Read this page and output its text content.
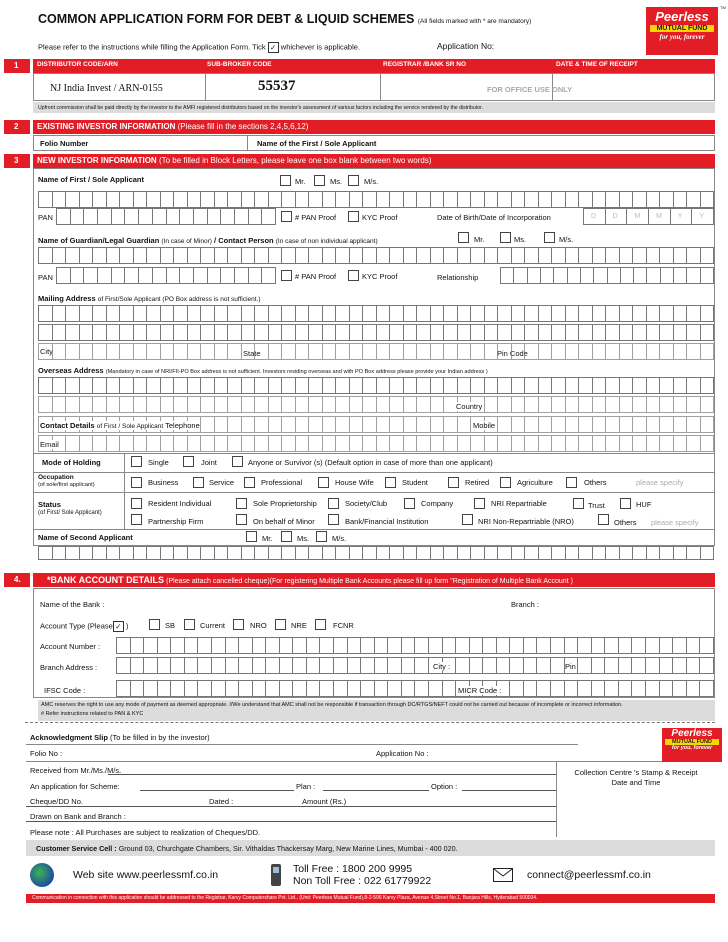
COMMON APPLICATION FORM FOR DEBT & LIQUID SCHEMES (All fields marked with * are mandatory)
Please refer to the instructions while filling the Application Form. Tick ✓ whichever is applicable.	Application No:
Peerless
MUTUAL FUND
for you, forever
TM
1	DISTRIBUTOR CODE/ARN	SUB-BROKER CODE	REGISTRAR /BANK SR NO	DATE & TIME OF RECEIPT
NJ India Invest / ARN-0155	55537	FOR OFFICE USE ONLY
Upfront commission shall be paid directly by the investor to the AMFI registered distributors based on the investor's assessment of various factors including the service rendered by the distributor.
2	EXISTING INVESTOR INFORMATION (Please fill in the sections 2,4,5,6,12)
Folio Number	Name of the First / Sole Applicant
3	NEW INVESTOR INFORMATION (To be filled in Block Letters, please leave one box blank between two words)
Name of First / Sole Applicant	Mr.	Ms.	M/s.
PAN	# PAN Proof	KYC Proof	Date of Birth/Date of Incorporation	D	D	M	M	Y	Y
Name of Guardian/Legal Guardian (In case of Minor) / Contact Person (In case of non individual applicant)	Mr.	Ms.	M/s.
PAN	# PAN Proof	KYC Proof	Relationship
Mailing Address of First/Sole Applicant (PO Box address is not sufficient.)
City	State	Pin Code
Overseas Address (Mandatory in case of NRI/FII-PO Box address is not sufficient. Investors residing overseas and with PO Box address please provide your Indian address )
Country
Contact Details of First / Sole Applicant Telephone	Mobile
Email
Mode of Holding	Single	Joint	Anyone or Survivor (s) (Default option in case of more than one applicant)
Occupation
(of sole/first applicant)	Business	Service	Professional	House Wife	Student	Retired	Agriculture	Others	please specify
Status
(of First/ Sole Applicant)
Resident Individual	Sole Proprietorship	Society/Club	Company	NRI Repartriable	Trust	HUF
Partnership Firm	On behalf of Minor	Bank/Financial Institution	NRI Non-Repartriable (NRO)	Others please specify
Name of Second Applicant	Mr.	Ms.	M/s.
4.	*BANK ACCOUNT DETAILS (Please attach cancelled cheque)(For registering Multiple Bank Accounts please fill up form "Registration of Multiple Bank Account )
Name of the Bank :	Branch :
Account Type (Please ✓ )	SB	Current	NRO	NRE	FCNR
Account Number :
Branch Address :	City :	Pin
IFSC Code :	MICR Code :
AMC reserves the right to use any mode of payment as deemed appropriate. I/We understand that AMC shall not be responsible if transaction through DC/RTGS/NEFT could not be carried out because of incomplete or incorrect information.
# Refer instructions related to PAN & KYC
Acknowledgment Slip (To be filled in by the investor)
Folio No :	Application No :
Received from Mr./Ms./M/s.
An application for Scheme:	Plan :	Option :
Cheque/DD No.	Dated :	Amount (Rs.)
Drawn on Bank and Branch :
Please note : All Purchases are subject to realization of Cheques/DD.
Collection Centre 's Stamp & Receipt
Date and Time
Peerless
MUTUAL FUND
for you, forever
Customer Service Cell : Ground 03, Churchgate Chambers, Sir. Vithaldas Thackersay Marg, New Marine Lines, Mumbai - 400 020.
Web site www.peerlessmf.co.in	Toll Free : 1800 200 9995
Non Toll Free : 022 61779922	connect@peerlessmf.co.in
Communication in connection with this application should be addressed to the Registrar, Karvy Computershare Pvt. Ltd., (Unit: Peerless Mutual Fund),8-2-596 Karvy Plaza, Avenue 4,Street No.1, Banjara Hills, Hyderabad 500034.
